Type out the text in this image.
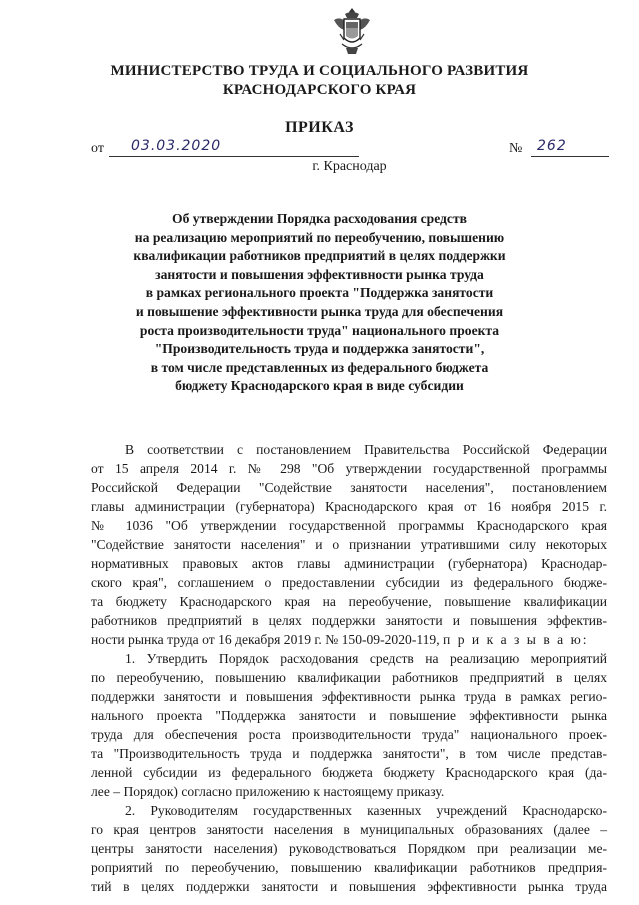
МИНИСТЕРСТВО ТРУДА И СОЦИАЛЬНОГО РАЗВИТИЯ
КРАСНОДАРСКОГО КРАЯ
ПРИКАЗ
от 03.03.2020	№ 262
г. Краснодар
Об утверждении Порядка расходования средств
на реализацию мероприятий по переобучению, повышению
квалификации работников предприятий в целях поддержки
занятости и повышения эффективности рынка труда
в рамках регионального проекта "Поддержка занятости
и повышение эффективности рынка труда для обеспечения
роста производительности труда" национального проекта
"Производительность труда и поддержка занятости",
в том числе представленных из федерального бюджета
бюджету Краснодарского края в виде субсидии
В соответствии с постановлением Правительства Российской Федерации
от 15 апреля 2014 г. № 298 "Об утверждении государственной программы
Российской Федерации "Содействие занятости населения", постановлением
главы администрации (губернатора) Краснодарского края от 16 ноября 2015 г.
№ 1036 "Об утверждении государственной программы Краснодарского края
"Содействие занятости населения" и о признании утратившими силу некоторых
нормативных правовых актов главы администрации (губернатора) Краснодар-
ского края", соглашением о предоставлении субсидии из федерального бюдже-
та бюджету Краснодарского края на переобучение, повышение квалификации
работников предприятий в целях поддержки занятости и повышения эффектив-
ности рынка труда от 16 декабря 2019 г. № 150-09-2020-119, п р и к а з ы в а ю:
1. Утвердить Порядок расходования средств на реализацию мероприятий
по переобучению, повышению квалификации работников предприятий в целях
поддержки занятости и повышения эффективности рынка труда в рамках регио-
нального проекта "Поддержка занятости и повышение эффективности рынка
труда для обеспечения роста производительности труда" национального проек-
та "Производительность труда и поддержка занятости", в том числе представ-
ленной субсидии из федерального бюджета бюджету Краснодарского края (да-
лее – Порядок) согласно приложению к настоящему приказу.
2. Руководителям государственных казенных учреждений Краснодарско-
го края центров занятости населения в муниципальных образованиях (далее –
центры занятости населения) руководствоваться Порядком при реализации ме-
роприятий по переобучению, повышению квалификации работников предприя-
тий в целях поддержки занятости и повышения эффективности рынка труда
